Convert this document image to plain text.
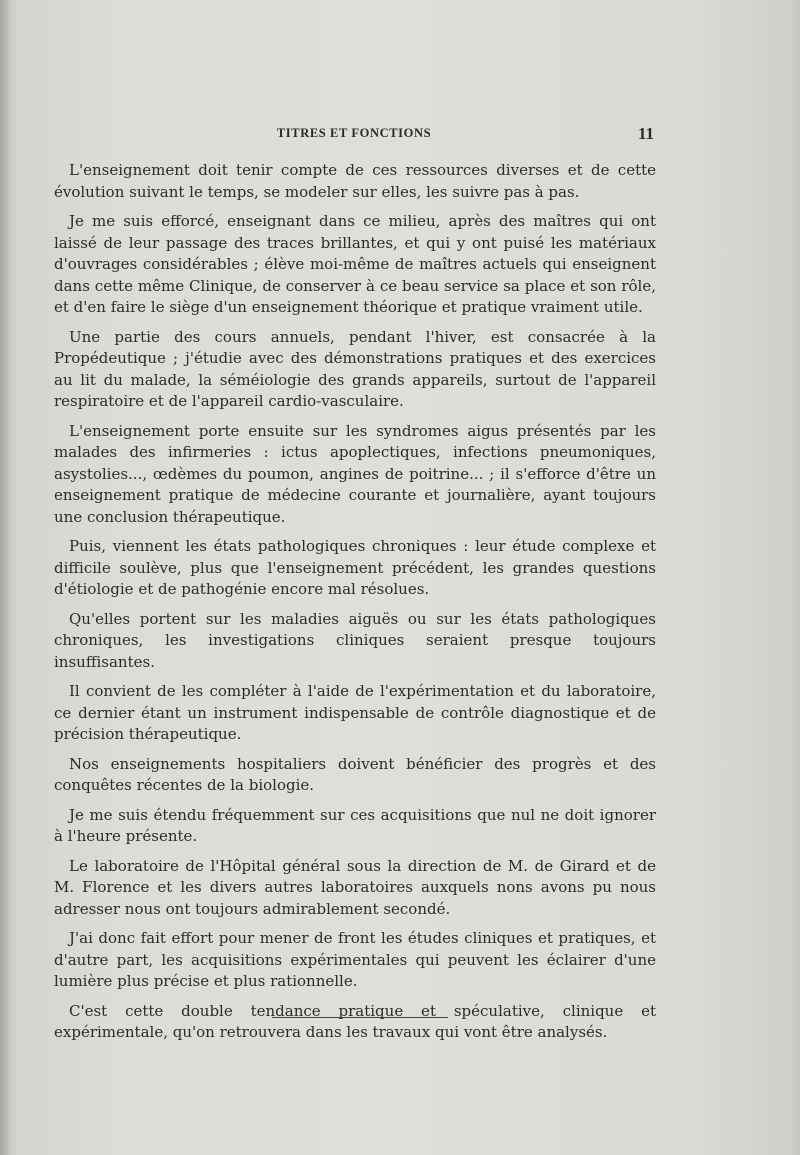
TITRES ET FONCTIONS	11

L'enseignement doit tenir compte de ces ressources diverses et de cette évolution suivant le temps, se modeler sur elles, les suivre pas à pas.

Je me suis efforcé, enseignant dans ce milieu, après des maîtres qui ont laissé de leur passage des traces brillantes, et qui y ont puisé les matériaux d'ouvrages considérables ; élève moi-même de maîtres actuels qui enseignent dans cette même Clinique, de conserver à ce beau service sa place et son rôle, et d'en faire le siège d'un enseignement théorique et pratique vraiment utile.

Une partie des cours annuels, pendant l'hiver, est consacrée à la Propédeutique ; j'étudie avec des démonstrations pratiques et des exercices au lit du malade, la séméiologie des grands appareils, surtout de l'appareil respiratoire et de l'appareil cardio-vasculaire.

L'enseignement porte ensuite sur les syndromes aigus présentés par les malades des infirmeries : ictus apoplectiques, infections pneumoniques, asystolies..., œdèmes du poumon, angines de poitrine... ; il s'efforce d'être un enseignement pratique de médecine courante et journalière, ayant toujours une conclusion thérapeutique.

Puis, viennent les états pathologiques chroniques : leur étude complexe et difficile soulève, plus que l'enseignement précédent, les grandes questions d'étiologie et de pathogénie encore mal résolues.

Qu'elles portent sur les maladies aiguës ou sur les états pathologiques chroniques, les investigations cliniques seraient presque toujours insuffisantes.

Il convient de les compléter à l'aide de l'expérimentation et du laboratoire, ce dernier étant un instrument indispensable de contrôle diagnostique et de précision thérapeutique.

Nos enseignements hospitaliers doivent bénéficier des progrès et des conquêtes récentes de la biologie.

Je me suis étendu fréquemment sur ces acquisitions que nul ne doit ignorer à l'heure présente.

Le laboratoire de l'Hôpital général sous la direction de M. de Girard et de M. Florence et les divers autres laboratoires auxquels nons avons pu nous adresser nous ont toujours admirablement secondé.

J'ai donc fait effort pour mener de front les études cliniques et pratiques, et d'autre part, les acquisitions expérimentales qui peuvent les éclairer d'une lumière plus précise et plus rationnelle.

C'est cette double tendance pratique et spéculative, clinique et expérimentale, qu'on retrouvera dans les travaux qui vont être analysés.
